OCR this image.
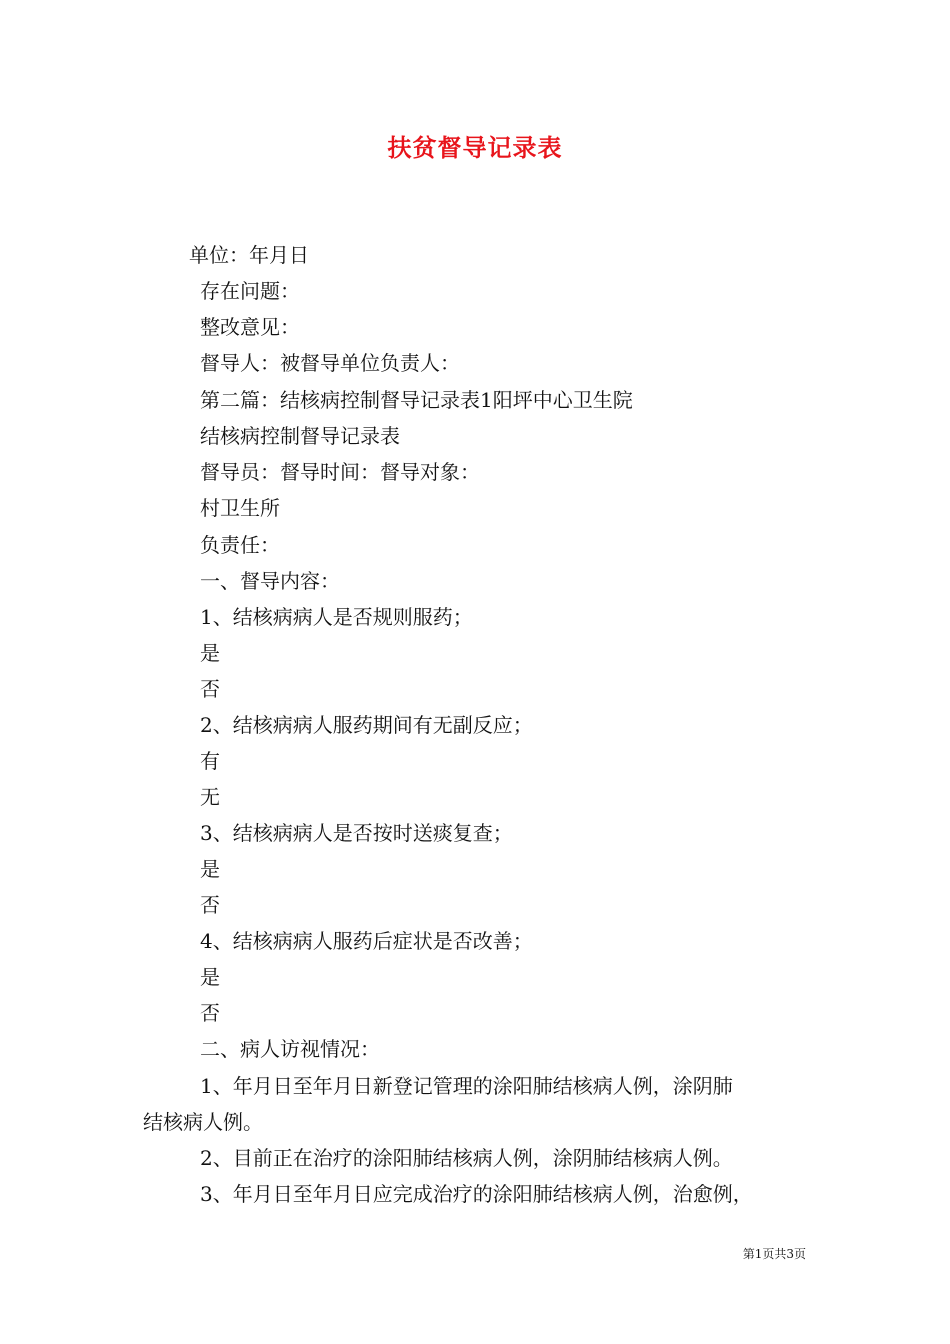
扶贫督导记录表
单位：年月日
存在问题：
整改意见：
督导人：被督导单位负责人：
第二篇：结核病控制督导记录表1阳坪中心卫生院
结核病控制督导记录表
督导员：督导时间：督导对象：
村卫生所
负责任：
一、督导内容：
1、结核病病人是否规则服药；
是
否
2、结核病病人服药期间有无副反应；
有
无
3、结核病病人是否按时送痰复查；
是
否
4、结核病病人服药后症状是否改善；
是
否
二、病人访视情况：
1、年月日至年月日新登记管理的涂阳肺结核病人例，涂阴肺
结核病人例。
2、目前正在治疗的涂阳肺结核病人例，涂阴肺结核病人例。
3、年月日至年月日应完成治疗的涂阳肺结核病人例，治愈例，
第1页共3页
